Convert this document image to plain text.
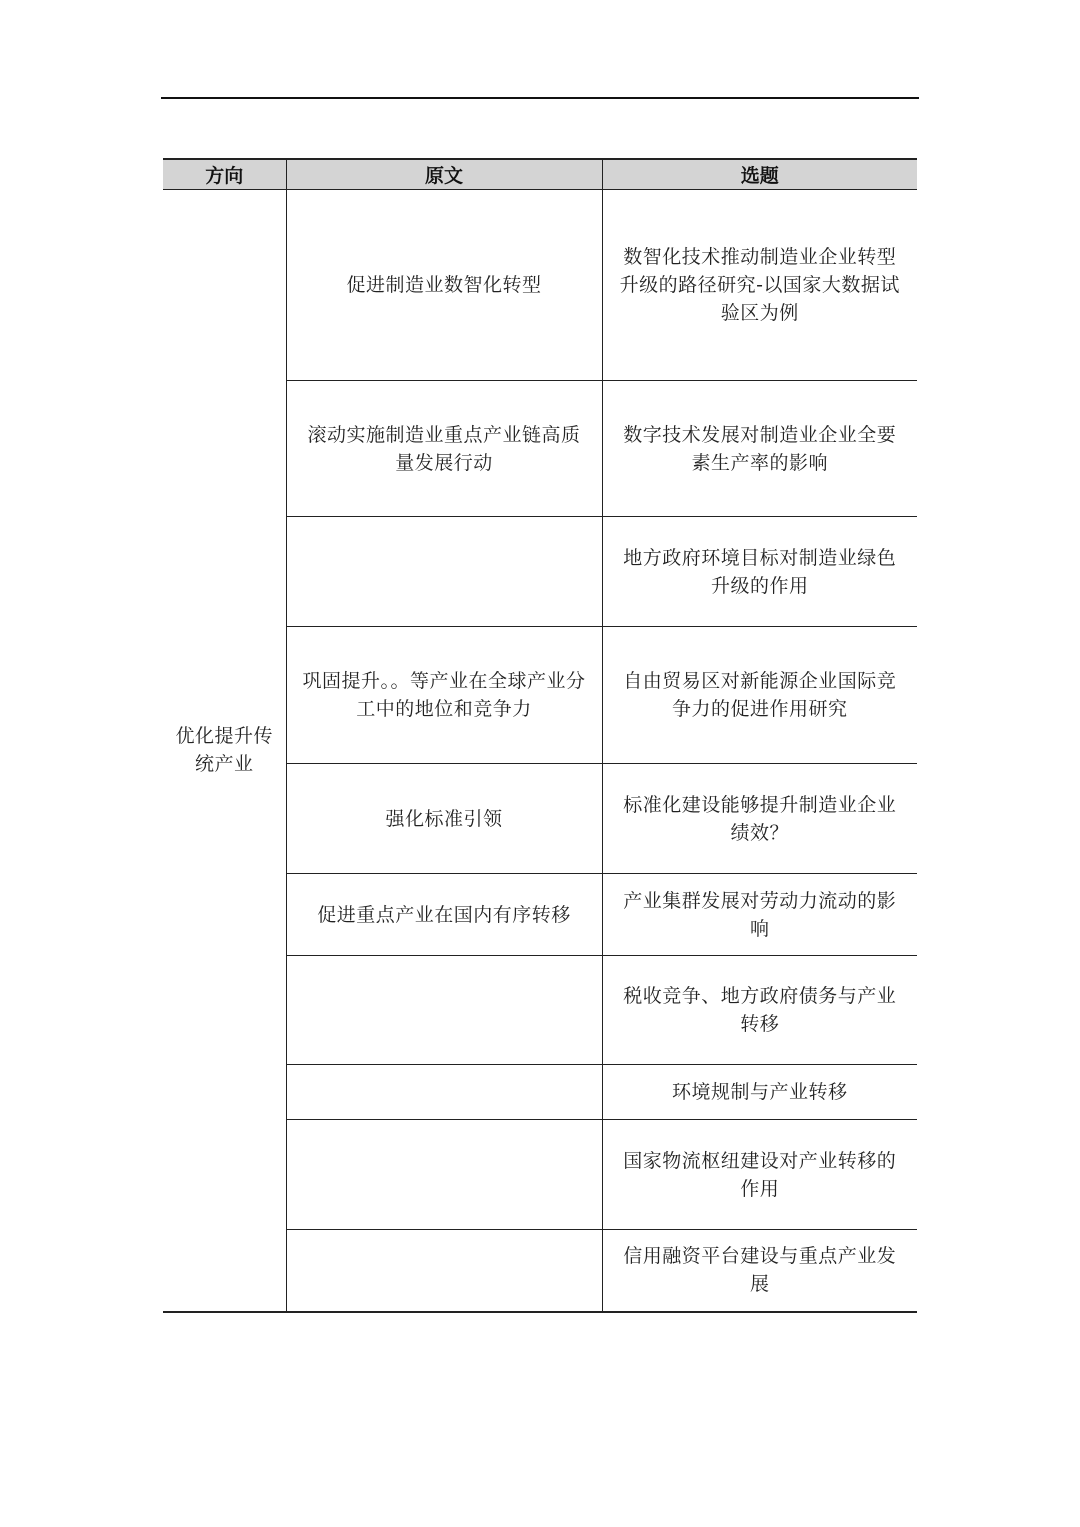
方向	原文	选题
优化提升传统产业	促进制造业数智化转型	数智化技术推动制造业企业转型升级的路径研究-以国家大数据试验区为例
	滚动实施制造业重点产业链高质量发展行动	数字技术发展对制造业企业全要素生产率的影响
		地方政府环境目标对制造业绿色升级的作用
	巩固提升。。等产业在全球产业分工中的地位和竞争力	自由贸易区对新能源企业国际竞争力的促进作用研究
	强化标准引领	标准化建设能够提升制造业企业绩效？
	促进重点产业在国内有序转移	产业集群发展对劳动力流动的影响
		税收竞争、地方政府债务与产业转移
		环境规制与产业转移
		国家物流枢纽建设对产业转移的作用
		信用融资平台建设与重点产业发展
